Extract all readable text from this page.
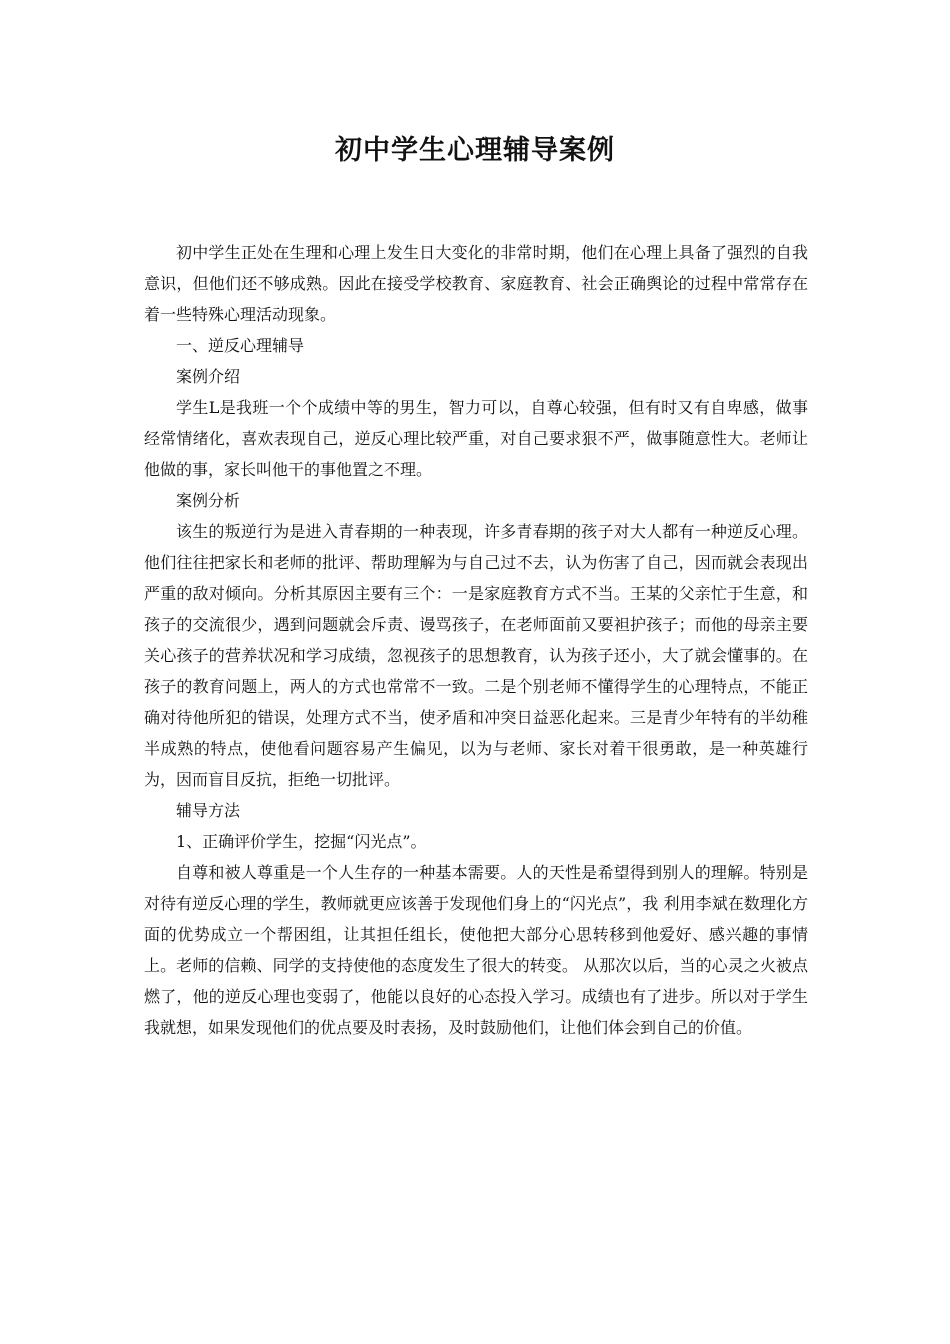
初中学生心理辅导案例

初中学生正处在生理和心理上发生日大变化的非常时期，他们在心理上具备了强烈的自我意识，但他们还不够成熟。因此在接受学校教育、家庭教育、社会正确舆论的过程中常常存在着一些特殊心理活动现象。

一、逆反心理辅导

案例介绍

学生L是我班一个个成绩中等的男生，智力可以，自尊心较强，但有时又有自卑感，做事经常情绪化，喜欢表现自己，逆反心理比较严重，对自己要求狠不严，做事随意性大。老师让他做的事，家长叫他干的事他置之不理。

案例分析

该生的叛逆行为是进入青春期的一种表现，许多青春期的孩子对大人都有一种逆反心理。他们往往把家长和老师的批评、帮助理解为与自己过不去，认为伤害了自己，因而就会表现出严重的敌对倾向。分析其原因主要有三个：一是家庭教育方式不当。王某的父亲忙于生意，和孩子的交流很少，遇到问题就会斥责、谩骂孩子，在老师面前又要袒护孩子；而他的母亲主要关心孩子的营养状况和学习成绩，忽视孩子的思想教育，认为孩子还小，大了就会懂事的。在孩子的教育问题上，两人的方式也常常不一致。二是个别老师不懂得学生的心理特点，不能正确对待他所犯的错误，处理方式不当，使矛盾和冲突日益恶化起来。三是青少年特有的半幼稚半成熟的特点，使他看问题容易产生偏见，以为与老师、家长对着干很勇敢，是一种英雄行为，因而盲目反抗，拒绝一切批评。

辅导方法

1、正确评价学生，挖掘“闪光点”。

自尊和被人尊重是一个人生存的一种基本需要。人的天性是希望得到别人的理解。特别是对待有逆反心理的学生，教师就更应该善于发现他们身上的“闪光点”，我 利用李斌在数理化方面的优势成立一个帮困组，让其担任组长，使他把大部分心思转移到他爱好、感兴趣的事情上。老师的信赖、同学的支持使他的态度发生了很大的转变。 从那次以后，当的心灵之火被点燃了，他的逆反心理也变弱了，他能以良好的心态投入学习。成绩也有了进步。所以对于学生我就想，如果发现他们的优点要及时表扬，及时鼓励他们，让他们体会到自己的价值。
